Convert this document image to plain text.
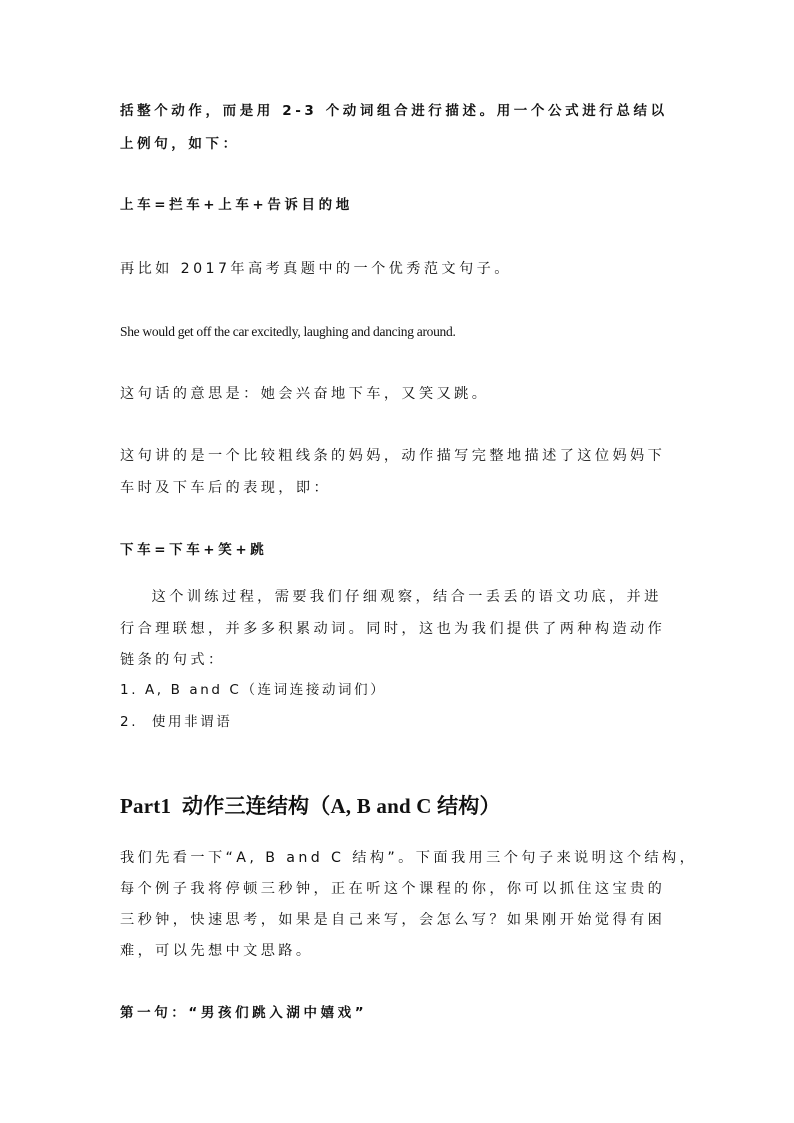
括整个动作，而是用 2-3 个动词组合进行描述。用一个公式进行总结以
上例句，如下：
上车=拦车+上车+告诉目的地
再比如 2017年高考真题中的一个优秀范文句子。
She would get off the car excitedly, laughing and dancing around.
这句话的意思是：她会兴奋地下车，又笑又跳。
这句讲的是一个比较粗线条的妈妈，动作描写完整地描述了这位妈妈下
车时及下车后的表现，即：
下车=下车+笑+跳
这个训练过程，需要我们仔细观察，结合一丢丢的语文功底，并进
行合理联想，并多多积累动词。同时，这也为我们提供了两种构造动作
链条的句式：
1. A, B and C（连词连接动词们）
2.  使用非谓语
Part1  动作三连结构（A, B and C 结构）
我们先看一下“A, B and C 结构”。下面我用三个句子来说明这个结构，
每个例子我将停顿三秒钟，正在听这个课程的你，你可以抓住这宝贵的
三秒钟，快速思考，如果是自己来写，会怎么写？如果刚开始觉得有困
难，可以先想中文思路。
第一句：“男孩们跳入湖中嬉戏”
